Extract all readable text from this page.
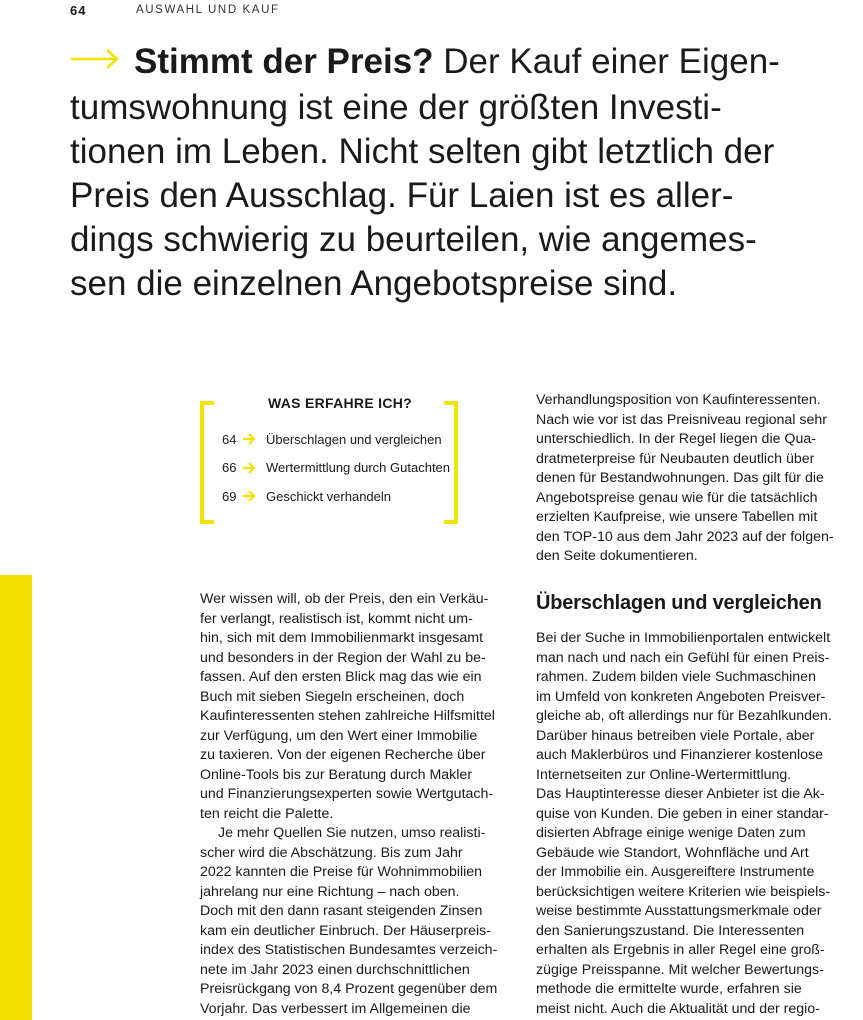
64	AUSWAHL UND KAUF

Stimmt der Preis? Der Kauf einer Eigen-
tumswohnung ist eine der größten Investi-
tionen im Leben. Nicht selten gibt letztlich der
Preis den Ausschlag. Für Laien ist es aller-
dings schwierig zu beurteilen, wie angemes-
sen die einzelnen Angebotspreise sind.

WAS ERFAHRE ICH?
64 Überschlagen und vergleichen
66 Wertermittlung durch Gutachten
69 Geschickt verhandeln
Wer wissen will, ob der Preis, den ein Verkäu-
fer verlangt, realistisch ist, kommt nicht um-
hin, sich mit dem Immobilienmarkt insgesamt
und besonders in der Region der Wahl zu be-
fassen. Auf den ersten Blick mag das wie ein
Buch mit sieben Siegeln erscheinen, doch
Kaufinteressenten stehen zahlreiche Hilfsmittel
zur Verfügung, um den Wert einer Immobilie
zu taxieren. Von der eigenen Recherche über
Online-Tools bis zur Beratung durch Makler
und Finanzierungsexperten sowie Wertgutach-
ten reicht die Palette.
Je mehr Quellen Sie nutzen, umso realisti-
scher wird die Abschätzung. Bis zum Jahr
2022 kannten die Preise für Wohnimmobilien
jahrelang nur eine Richtung – nach oben.
Doch mit den dann rasant steigenden Zinsen
kam ein deutlicher Einbruch. Der Häuserpreis-
index des Statistischen Bundesamtes verzeich-
nete im Jahr 2023 einen durchschnittlichen
Preisrückgang von 8,4 Prozent gegenüber dem
Vorjahr. Das verbessert im Allgemeinen die
Verhandlungsposition von Kaufinteressenten.
Nach wie vor ist das Preisniveau regional sehr
unterschiedlich. In der Regel liegen die Qua-
dratmeterpreise für Neubauten deutlich über
denen für Bestandwohnungen. Das gilt für die
Angebotspreise genau wie für die tatsächlich
erzielten Kaufpreise, wie unsere Tabellen mit
den TOP-10 aus dem Jahr 2023 auf der folgen-
den Seite dokumentieren.
Überschlagen und vergleichen
Bei der Suche in Immobilienportalen entwickelt
man nach und nach ein Gefühl für einen Preis-
rahmen. Zudem bilden viele Suchmaschinen
im Umfeld von konkreten Angeboten Preisver-
gleiche ab, oft allerdings nur für Bezahlkunden.
Darüber hinaus betreiben viele Portale, aber
auch Maklerbüros und Finanzierer kostenlose
Internetseiten zur Online-Wertermittlung.
Das Hauptinteresse dieser Anbieter ist die Ak-
quise von Kunden. Die geben in einer standar-
disierten Abfrage einige wenige Daten zum
Gebäude wie Standort, Wohnfläche und Art
der Immobilie ein. Ausgereiftere Instrumente
berücksichtigen weitere Kriterien wie beispiels-
weise bestimmte Ausstattungsmerkmale oder
den Sanierungszustand. Die Interessenten
erhalten als Ergebnis in aller Regel eine groß-
zügige Preisspanne. Mit welcher Bewertungs-
methode die ermittelte wurde, erfahren sie
meist nicht. Auch die Aktualität und der regio-
